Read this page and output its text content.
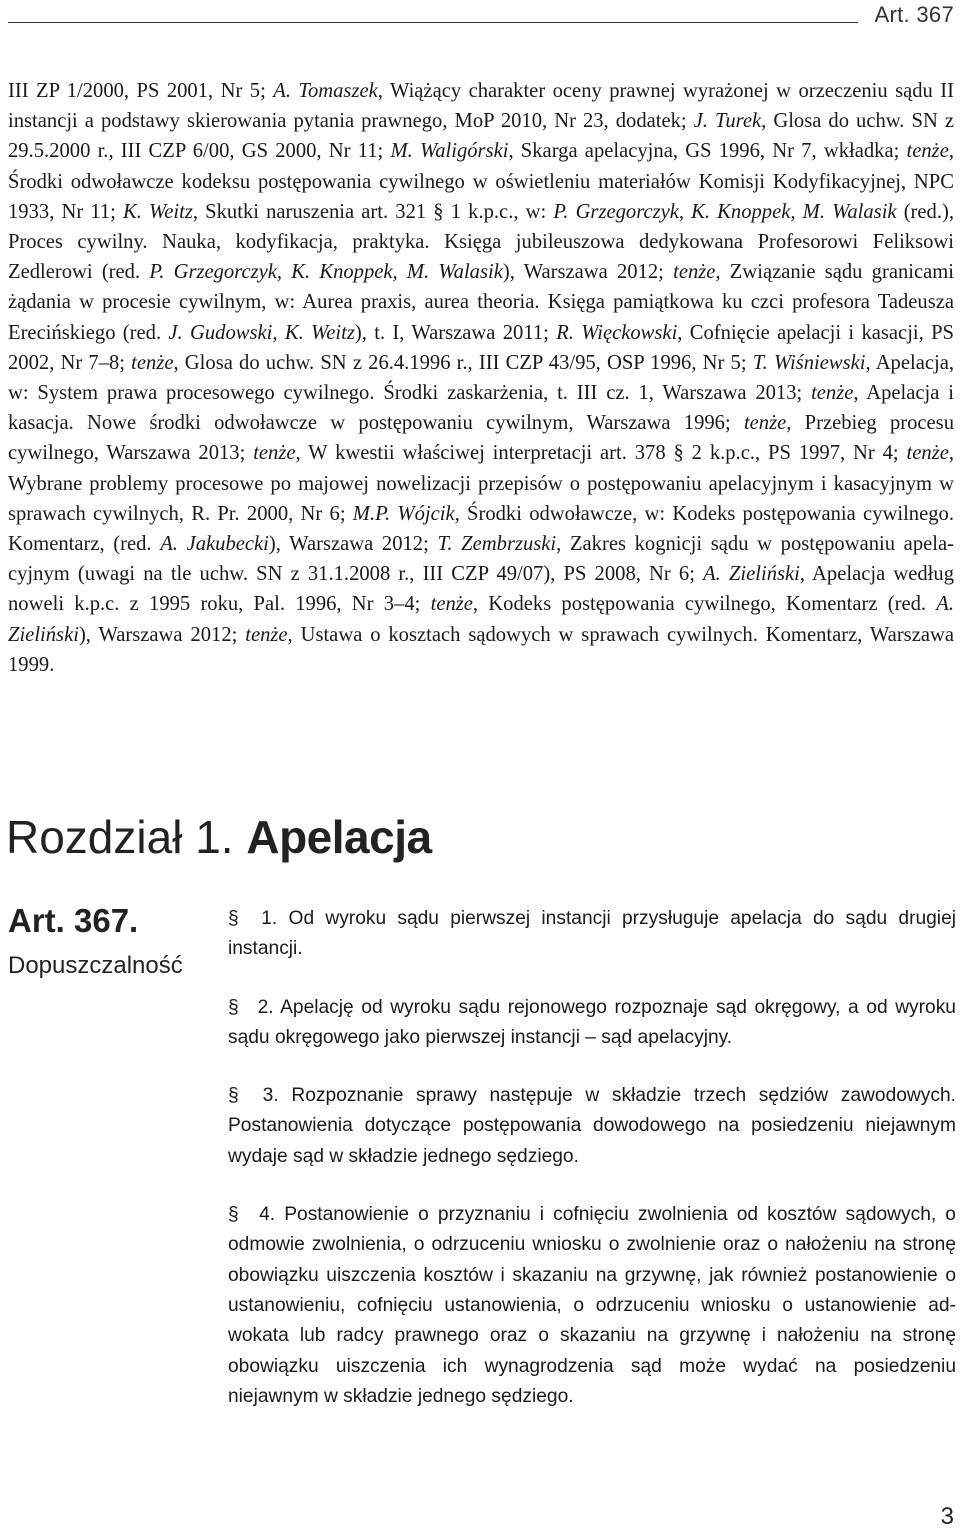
Art. 367
III ZP 1/2000, PS 2001, Nr 5; A. Tomaszek, Wiążący charakter oceny prawnej wyrażonej w orzeczeniu sądu II instancji a podstawy skierowania pytania prawnego, MoP 2010, Nr 23, dodatek; J. Turek, Glosa do uchw. SN z 29.5.2000 r., III CZP 6/00, GS 2000, Nr 11; M. Waligórski, Skarga apelacyjna, GS 1996, Nr 7, wkładka; tenże, Środki odwoławcze kodeksu postępowania cywilnego w oświetleniu materiałów Komisji Kodyfikacyjnej, NPC 1933, Nr 11; K. Weitz, Skutki naruszenia art. 321 § 1 k.p.c., w: P. Grzegorczyk, K. Knoppek, M. Walasik (red.), Proces cywilny. Nauka, kodyfikacja, praktyka. Księga jubileuszowa dedykowana Profesorowi Feliksowi Zedlerowi (red. P. Grzegorczyk, K. Knoppek, M. Walasik), Warszawa 2012; tenże, Związanie sądu granicami żądania w procesie cywilnym, w: Aurea praxis, aurea theoria. Księga pamiątkowa ku czci profesora Tadeusza Erecińskiego (red. J. Gudowski, K. Weitz), t. I, Warszawa 2011; R. Więckowski, Cofnięcie apelacji i kasacji, PS 2002, Nr 7–8; tenże, Glosa do uchw. SN z 26.4.1996 r., III CZP 43/95, OSP 1996, Nr 5; T. Wiśniewski, Apelacja, w: System prawa procesowego cywilnego. Środki zaskarżenia, t. III cz. 1, Warszawa 2013; tenże, Apelacja i kasacja. Nowe środki odwoławcze w postępowaniu cywilnym, Warszawa 1996; tenże, Przebieg procesu cywilnego, Warszawa 2013; tenże, W kwestii właściwej interpretacji art. 378 § 2 k.p.c., PS 1997, Nr 4; tenże, Wybrane problemy procesowe po majowej nowelizacji przepisów o postępowaniu apelacyjnym i kasacyjnym w sprawach cywilnych, R. Pr. 2000, Nr 6; M.P. Wójcik, Środki odwoławcze, w: Kodeks postępowania cywilnego. Komentarz, (red. A. Jakubecki), Warszawa 2012; T. Zembrzuski, Zakres kognicji sądu w postępowaniu apelacyjnym (uwagi na tle uchw. SN z 31.1.2008 r., III CZP 49/07), PS 2008, Nr 6; A. Zieliński, Apelacja według noweli k.p.c. z 1995 roku, Pal. 1996, Nr 3–4; tenże, Kodeks postępowania cywilnego, Komentarz (red. A. Zieliński), Warszawa 2012; tenże, Ustawa o kosztach sądowych w sprawach cywilnych. Komentarz, Warszawa 1999.
Rozdział 1. Apelacja
Art. 367.
Dopuszczalność

§ 1. Od wyroku sądu pierwszej instancji przysługuje apelacja do sądu drugiej instancji.

§ 2. Apelację od wyroku sądu rejonowego rozpoznaje sąd okręgowy, a od wyroku sądu okręgowego jako pierwszej instancji – sąd apelacyjny.

§ 3. Rozpoznanie sprawy następuje w składzie trzech sędziów zawodowych. Postanowienia dotyczące postępowania dowodowego na posiedzeniu niejawnym wydaje sąd w składzie jednego sędziego.

§ 4. Postanowienie o przyznaniu i cofnięciu zwolnienia od kosztów sądowych, o odmowie zwolnienia, o odrzuceniu wniosku o zwolnienie oraz o nałożeniu na stronę obowiązku uiszczenia kosztów i skazaniu na grzywnę, jak również postanowienie o ustanowieniu, cofnięciu ustanowienia, o odrzuceniu wniosku o ustanowienie adwokata lub radcy prawnego oraz o skazaniu na grzywnę i nałożeniu na stronę obowiązku uiszczenia ich wynagrodzenia sąd może wydać na posiedzeniu niejawnym w składzie jednego sędziego.

3
